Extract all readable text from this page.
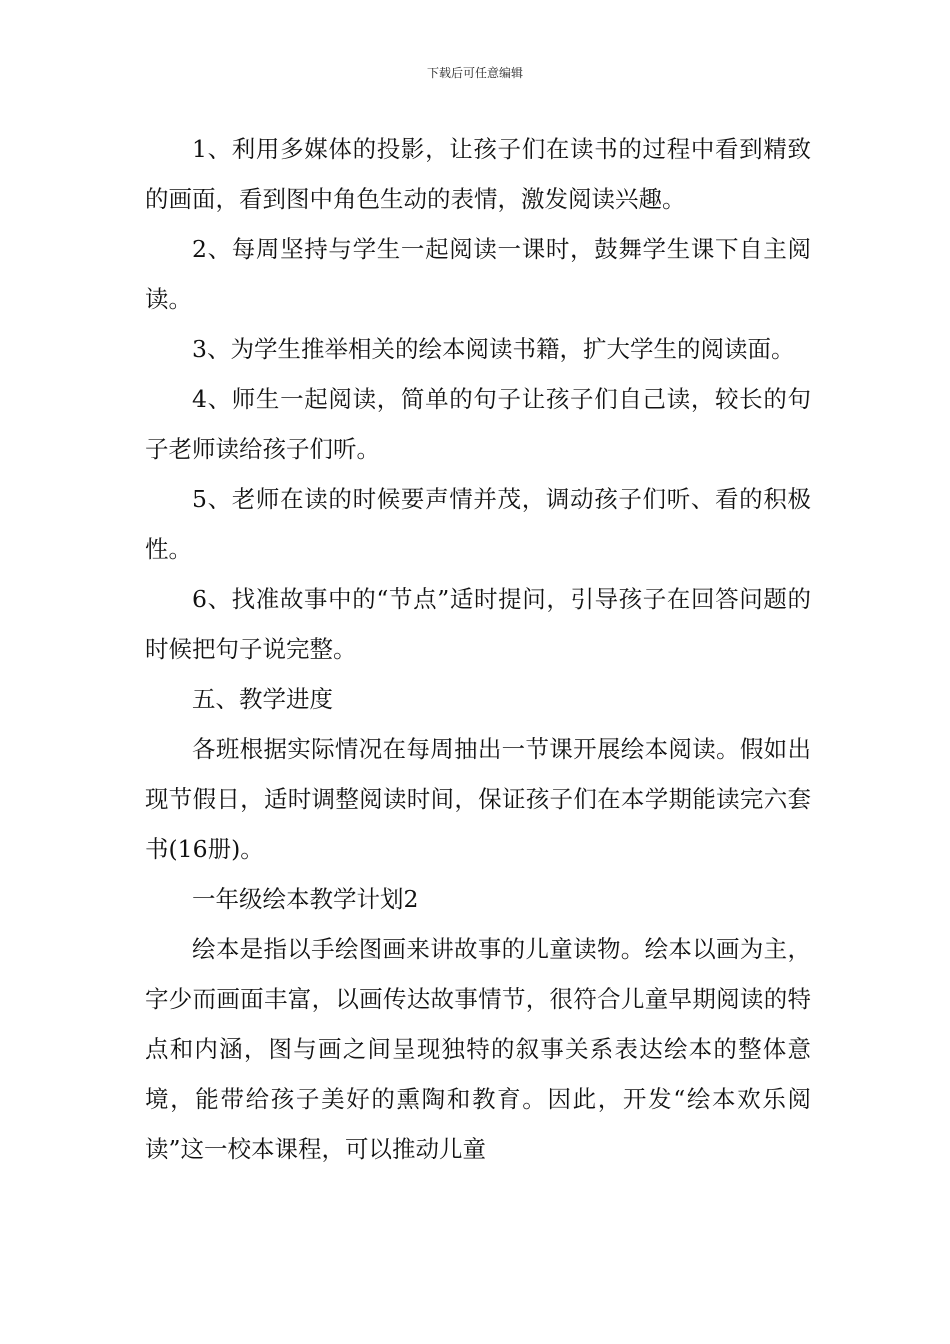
下载后可任意编辑

1、利用多媒体的投影，让孩子们在读书的过程中看到精致的画面，看到图中角色生动的表情，激发阅读兴趣。

2、每周坚持与学生一起阅读一课时，鼓舞学生课下自主阅读。

3、为学生推举相关的绘本阅读书籍，扩大学生的阅读面。

4、师生一起阅读，简单的句子让孩子们自己读，较长的句子老师读给孩子们听。

5、老师在读的时候要声情并茂，调动孩子们听、看的积极性。

6、找准故事中的“节点”适时提问，引导孩子在回答问题的时候把句子说完整。

五、教学进度

各班根据实际情况在每周抽出一节课开展绘本阅读。假如出现节假日，适时调整阅读时间，保证孩子们在本学期能读完六套书(16册)。

一年级绘本教学计划2

绘本是指以手绘图画来讲故事的儿童读物。绘本以画为主，字少而画面丰富，以画传达故事情节，很符合儿童早期阅读的特点和内涵，图与画之间呈现独特的叙事关系表达绘本的整体意境，能带给孩子美好的熏陶和教育。因此，开发“绘本欢乐阅读”这一校本课程，可以推动儿童
